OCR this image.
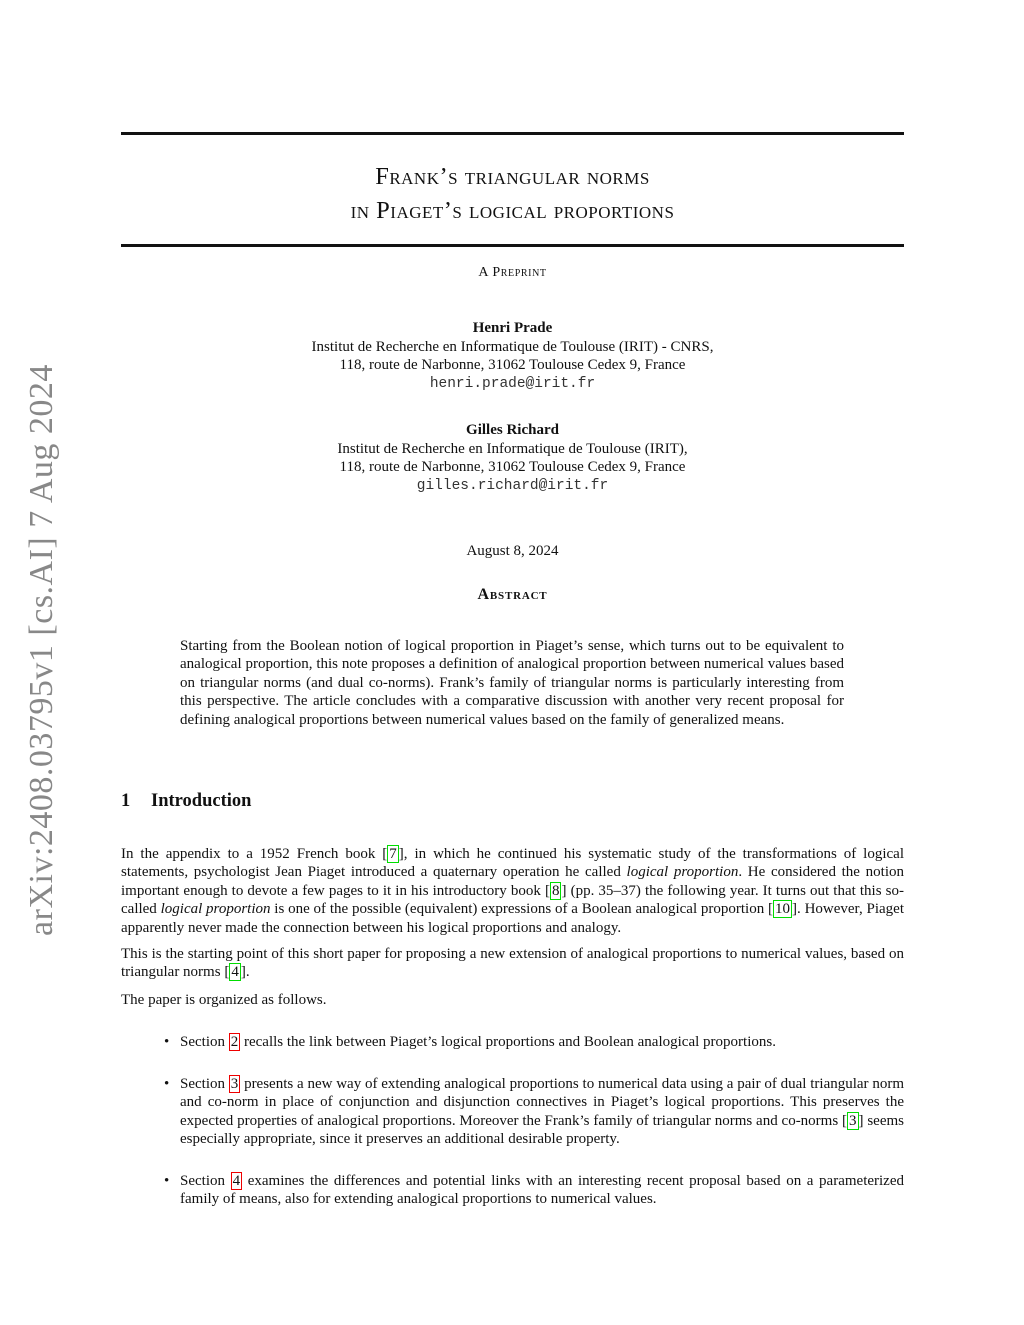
arXiv:2408.03795v1 [cs.AI] 7 Aug 2024
Frank’s triangular norms
in Piaget’s logical proportions
A Preprint
Henri Prade
Institut de Recherche en Informatique de Toulouse (IRIT) - CNRS,
118, route de Narbonne, 31062 Toulouse Cedex 9, France
henri.prade@irit.fr
Gilles Richard
Institut de Recherche en Informatique de Toulouse (IRIT),
118, route de Narbonne, 31062 Toulouse Cedex 9, France
gilles.richard@irit.fr
August 8, 2024
Abstract
Starting from the Boolean notion of logical proportion in Piaget’s sense, which turns out to be equivalent to analogical proportion, this note proposes a definition of analogical proportion between numerical values based on triangular norms (and dual co-norms). Frank’s family of triangular norms is particularly interesting from this perspective. The article concludes with a comparative discussion with another very recent proposal for defining analogical proportions between numerical values based on the family of generalized means.
1 Introduction

In the appendix to a 1952 French book [ 7 ], in which he continued his systematic study of the transformations of logical statements, psychologist Jean Piaget introduced a quaternary operation he called logical proportion. He considered the notion important enough to devote a few pages to it in his introductory book [ 8 ] (pp. 35–37) the following year. It turns out that this so-called logical proportion is one of the possible (equivalent) expressions of a Boolean analogical proportion [ 10 ]. However, Piaget apparently never made the connection between his logical proportions and analogy.

This is the starting point of this short paper for proposing a new extension of analogical proportions to numerical values, based on triangular norms [ 4 ].

The paper is organized as follows.

• Section 2 recalls the link between Piaget’s logical proportions and Boolean analogical proportions.
• Section 3 presents a new way of extending analogical proportions to numerical data using a pair of dual triangular norm and co-norm in place of conjunction and disjunction connectives in Piaget’s logical proportions. This preserves the expected properties of analogical proportions. Moreover the Frank’s family of triangular norms and co-norms [ 3 ] seems especially appropriate, since it preserves an additional desirable property.
• Section 4 examines the differences and potential links with an interesting recent proposal based on a parameterized family of means, also for extending analogical proportions to numerical values.
